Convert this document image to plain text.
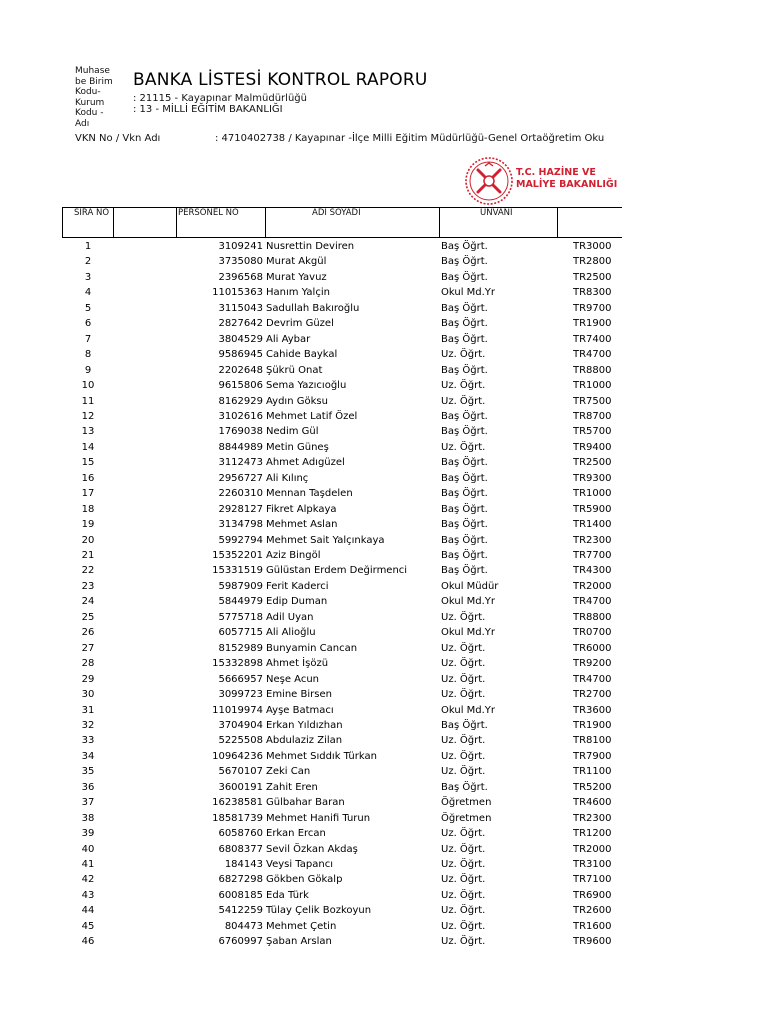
Muhase
be Birim
Kodu-
Kurum
Kodu -
Adı
BANKA LİSTESİ KONTROL RAPORU
: 21115 - Kayapınar Malmüdürlüğü
: 13 - MİLLİ EĞİTİM BAKANLIĞI
VKN No / Vkn Adı	: 4710402738 / Kayapınar -İlçe Milli Eğitim Müdürlüğü-Genel Ortaöğretim Oku
T.C. HAZİNE VE
MALİYE BAKANLIĞI
SIRA NO	PERSONEL NO	ADI SOYADI	UNVANI
1	3109241 Nusrettin Deviren	Baş Öğrt.	TR3000
2	3735080 Murat Akgül	Baş Öğrt.	TR2800
3	2396568 Murat Yavuz	Baş Öğrt.	TR2500
4	11015363 Hanım Yalçin	Okul Md.Yr	TR8300
5	3115043 Sadullah Bakıroğlu	Baş Öğrt.	TR9700
6	2827642 Devrim Güzel	Baş Öğrt.	TR1900
7	3804529 Ali Aybar	Baş Öğrt.	TR7400
8	9586945 Cahide Baykal	Uz. Öğrt.	TR4700
9	2202648 Şükrü Onat	Baş Öğrt.	TR8800
10	9615806 Sema Yazıcıoğlu	Uz. Öğrt.	TR1000
11	8162929 Aydın Göksu	Uz. Öğrt.	TR7500
12	3102616 Mehmet Latif Özel	Baş Öğrt.	TR8700
13	1769038 Nedim Gül	Baş Öğrt.	TR5700
14	8844989 Metin Güneş	Uz. Öğrt.	TR9400
15	3112473 Ahmet Adıgüzel	Baş Öğrt.	TR2500
16	2956727 Ali Kılınç	Baş Öğrt.	TR9300
17	2260310 Mennan Taşdelen	Baş Öğrt.	TR1000
18	2928127 Fikret Alpkaya	Baş Öğrt.	TR5900
19	3134798 Mehmet Aslan	Baş Öğrt.	TR1400
20	5992794 Mehmet Sait Yalçınkaya	Baş Öğrt.	TR2300
21	15352201 Aziz Bingöl	Baş Öğrt.	TR7700
22	15331519 Gülüstan Erdem Değirmenci	Baş Öğrt.	TR4300
23	5987909 Ferit Kaderci	Okul Müdür	TR2000
24	5844979 Edip Duman	Okul Md.Yr	TR4700
25	5775718 Adil Uyan	Uz. Öğrt.	TR8800
26	6057715 Ali Alioğlu	Okul Md.Yr	TR0700
27	8152989 Bunyamin Cancan	Uz. Öğrt.	TR6000
28	15332898 Ahmet İşözü	Uz. Öğrt.	TR9200
29	5666957 Neşe Acun	Uz. Öğrt.	TR4700
30	3099723 Emine Birsen	Uz. Öğrt.	TR2700
31	11019974 Ayşe Batmacı	Okul Md.Yr	TR3600
32	3704904 Erkan Yıldızhan	Baş Öğrt.	TR1900
33	5225508 Abdulaziz Zilan	Uz. Öğrt.	TR8100
34	10964236 Mehmet Sıddık Türkan	Uz. Öğrt.	TR7900
35	5670107 Zeki Can	Uz. Öğrt.	TR1100
36	3600191 Zahit Eren	Baş Öğrt.	TR5200
37	16238581 Gülbahar Baran	Öğretmen	TR4600
38	18581739 Mehmet Hanifi Turun	Öğretmen	TR2300
39	6058760 Erkan Ercan	Uz. Öğrt.	TR1200
40	6808377 Sevil Özkan Akdaş	Uz. Öğrt.	TR2000
41	184143 Veysi Tapancı	Uz. Öğrt.	TR3100
42	6827298 Gökben Gökalp	Uz. Öğrt.	TR7100
43	6008185 Eda Türk	Uz. Öğrt.	TR6900
44	5412259 Tülay Çelik Bozkoyun	Uz. Öğrt.	TR2600
45	804473 Mehmet Çetin	Uz. Öğrt.	TR1600
46	6760997 Şaban Arslan	Uz. Öğrt.	TR9600
